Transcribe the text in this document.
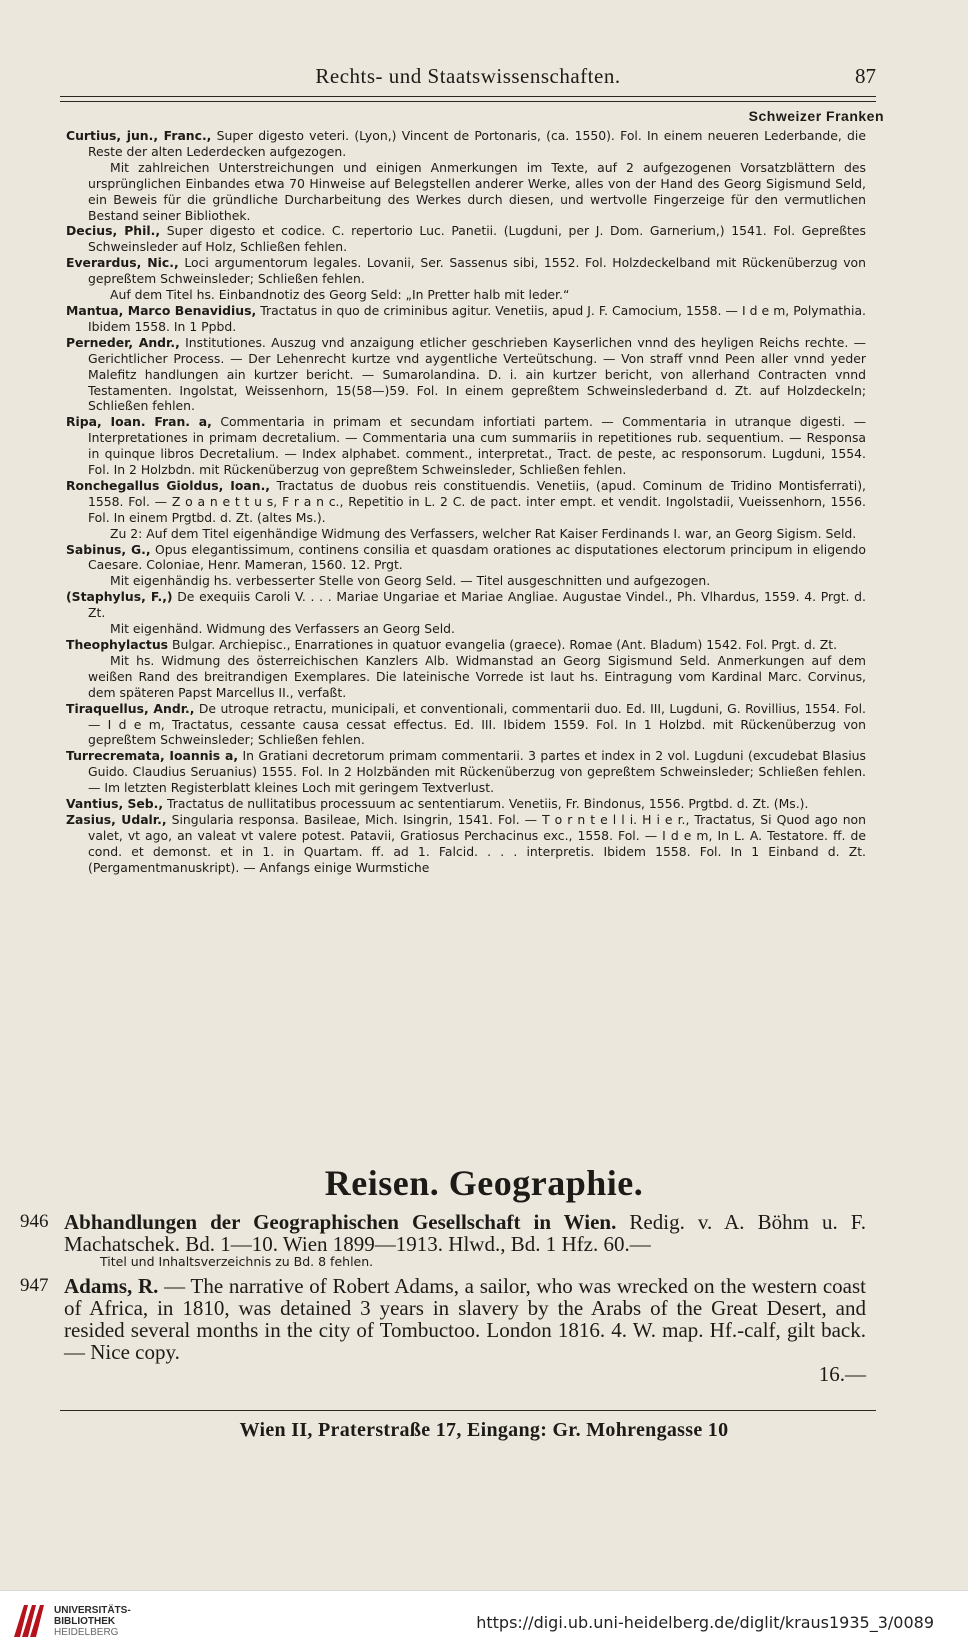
Rechts- und Staatswissenschaften.	87
Schweizer Franken

Curtius, jun., Franc., Super digesto veteri. (Lyon,) Vincent de Portonaris, (ca. 1550). Fol. In einem neueren Lederbande, die Reste der alten Lederdecken aufgezogen.

Mit zahlreichen Unterstreichungen und einigen Anmerkungen im Texte, auf 2 aufgezogenen Vorsatzblättern des ursprünglichen Einbandes etwa 70 Hinweise auf Belegstellen anderer Werke, alles von der Hand des Georg Sigismund Seld, ein Beweis für die gründliche Durcharbeitung des Werkes durch diesen, und wertvolle Fingerzeige für den vermutlichen Bestand seiner Bibliothek.

Decius, Phil., Super digesto et codice. C. repertorio Luc. Panetii. (Lugduni, per J. Dom. Garnerium,) 1541. Fol. Gepreßtes Schweinsleder auf Holz, Schließen fehlen.

Everardus, Nic., Loci argumentorum legales. Lovanii, Ser. Sassenus sibi, 1552. Fol. Holzdeckelband mit Rückenüberzug von gepreßtem Schweinsleder; Schließen fehlen.

Auf dem Titel hs. Einbandnotiz des Georg Seld: „In Pretter halb mit leder.“

Mantua, Marco Benavidius, Tractatus in quo de criminibus agitur. Venetiis, apud J. F. Camocium, 1558. — I d e m, Polymathia. Ibidem 1558. In 1 Ppbd.

Perneder, Andr., Institutiones. Auszug vnd anzaigung etlicher geschrieben Kayserlichen vnnd des heyligen Reichs rechte. — Gerichtlicher Process. — Der Lehenrecht kurtze vnd aygentliche Verteütschung. — Von straff vnnd Peen aller vnnd yeder Malefitz handlungen ain kurtzer bericht. — Sumarolandina. D. i. ain kurtzer bericht, von allerhand Contracten vnnd Testamenten. Ingolstat, Weissenhorn, 15(58—)59. Fol. In einem gepreßtem Schweinslederband d. Zt. auf Holzdeckeln; Schließen fehlen.

Ripa, Ioan. Fran. a, Commentaria in primam et secundam infortiati partem. — Commentaria in utranque digesti. — Interpretationes in primam decretalium. — Commentaria una cum summariis in repetitiones rub. sequentium. — Responsa in quinque libros Decretalium. — Index alphabet. comment., interpretat., Tract. de peste, ac responsorum. Lugduni, 1554. Fol. In 2 Holzbdn. mit Rückenüberzug von gepreßtem Schweinsleder, Schließen fehlen.

Ronchegallus Gioldus, Ioan., Tractatus de duobus reis constituendis. Venetiis, (apud. Cominum de Tridino Montisferrati), 1558. Fol. — Z o a n e t t u s, F r a n c., Repetitio in L. 2 C. de pact. inter empt. et vendit. Ingolstadii, Vueissenhorn, 1556. Fol. In einem Prgtbd. d. Zt. (altes Ms.).

Zu 2: Auf dem Titel eigenhändige Widmung des Verfassers, welcher Rat Kaiser Ferdinands I. war, an Georg Sigism. Seld.

Sabinus, G., Opus elegantissimum, continens consilia et quasdam orationes ac disputationes electorum principum in eligendo Caesare. Coloniae, Henr. Mameran, 1560. 12. Prgt.

Mit eigenhändig hs. verbesserter Stelle von Georg Seld. — Titel ausgeschnitten und aufgezogen.

(Staphylus, F.,) De exequiis Caroli V. . . . Mariae Ungariae et Mariae Angliae. Augustae Vindel., Ph. Vlhardus, 1559. 4. Prgt. d. Zt.

Mit eigenhänd. Widmung des Verfassers an Georg Seld.

Theophylactus Bulgar. Archiepisc., Enarrationes in quatuor evangelia (graece). Romae (Ant. Bladum) 1542. Fol. Prgt. d. Zt.

Mit hs. Widmung des österreichischen Kanzlers Alb. Widmanstad an Georg Sigismund Seld. Anmerkungen auf dem weißen Rand des breitrandigen Exemplares. Die lateinische Vorrede ist laut hs. Eintragung vom Kardinal Marc. Corvinus, dem späteren Papst Marcellus II., verfaßt.

Tiraquellus, Andr., De utroque retractu, municipali, et conventionali, commentarii duo. Ed. III, Lugduni, G. Rovillius, 1554. Fol. — I d e m, Tractatus, cessante causa cessat effectus. Ed. III. Ibidem 1559. Fol. In 1 Holzbd. mit Rückenüberzug von gepreßtem Schweinsleder; Schließen fehlen.

Turrecremata, Ioannis a, In Gratiani decretorum primam commentarii. 3 partes et index in 2 vol. Lugduni (excudebat Blasius Guido. Claudius Seruanius) 1555. Fol. In 2 Holzbänden mit Rückenüberzug von gepreßtem Schweinsleder; Schließen fehlen. — Im letzten Registerblatt kleines Loch mit geringem Textverlust.

Vantius, Seb., Tractatus de nullitatibus processuum ac sententiarum. Venetiis, Fr. Bindonus, 1556. Prgtbd. d. Zt. (Ms.).

Zasius, Udalr., Singularia responsa. Basileae, Mich. Isingrin, 1541. Fol. — T o r n t e l l i. H i e r., Tractatus, Si Quod ago non valet, vt ago, an valeat vt valere potest. Patavii, Gratiosus Perchacinus exc., 1558. Fol. — I d e m, In L. A. Testatore. ff. de cond. et demonst. et in 1. in Quartam. ff. ad 1. Falcid. . . . interpretis. Ibidem 1558. Fol. In 1 Einband d. Zt. (Pergamentmanuskript). — Anfangs einige Wurmstiche

Reisen. Geographie.
946 Abhandlungen der Geographischen Gesellschaft in Wien. Redig. v. A. Böhm u. F. Machatschek. Bd. 1—10. Wien 1899—1913. Hlwd., Bd. 1 Hfz. 60.—
Titel und Inhaltsverzeichnis zu Bd. 8 fehlen.
947 Adams, R. — The narrative of Robert Adams, a sailor, who was wrecked on the western coast of Africa, in 1810, was detained 3 years in slavery by the Arabs of the Great Desert, and resided several months in the city of Tombuctoo. London 1816. 4. W. map. Hf.-calf, gilt back. — Nice copy.
16.—
Wien II, Praterstraße 17, Eingang: Gr. Mohrengasse 10
UNIVERSITÄTS-
BIBLIOTHEK
HEIDELBERG
https://digi.ub.uni-heidelberg.de/diglit/kraus1935_3/0089
